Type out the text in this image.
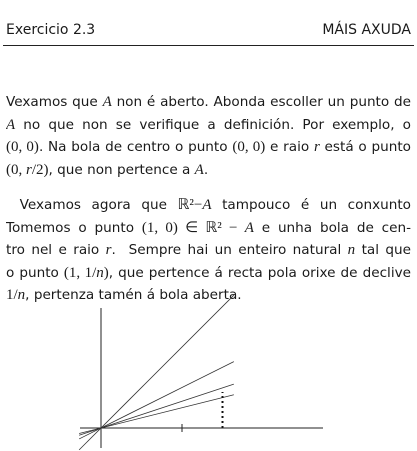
Exercicio 2.3	MÁIS AXUDA
Vexamos que A non é aberto. Abonda escoller un punto de
A no que non se verifique a definición. Por exemplo, o
(0, 0). Na bola de centro o punto (0, 0) e raio r está o punto
(0, r/2), que non pertence a A.
 Vexamos agora que ℝ²−A tampouco é un conxunto
Tomemos o punto (1, 0) ∈ ℝ² − A e unha bola de cen-
tro nel e raio r.  Sempre hai un enteiro natural n tal que
o punto (1, 1/n), que pertence á recta pola orixe de declive
1/n, pertenza tamén á bola aberta.
